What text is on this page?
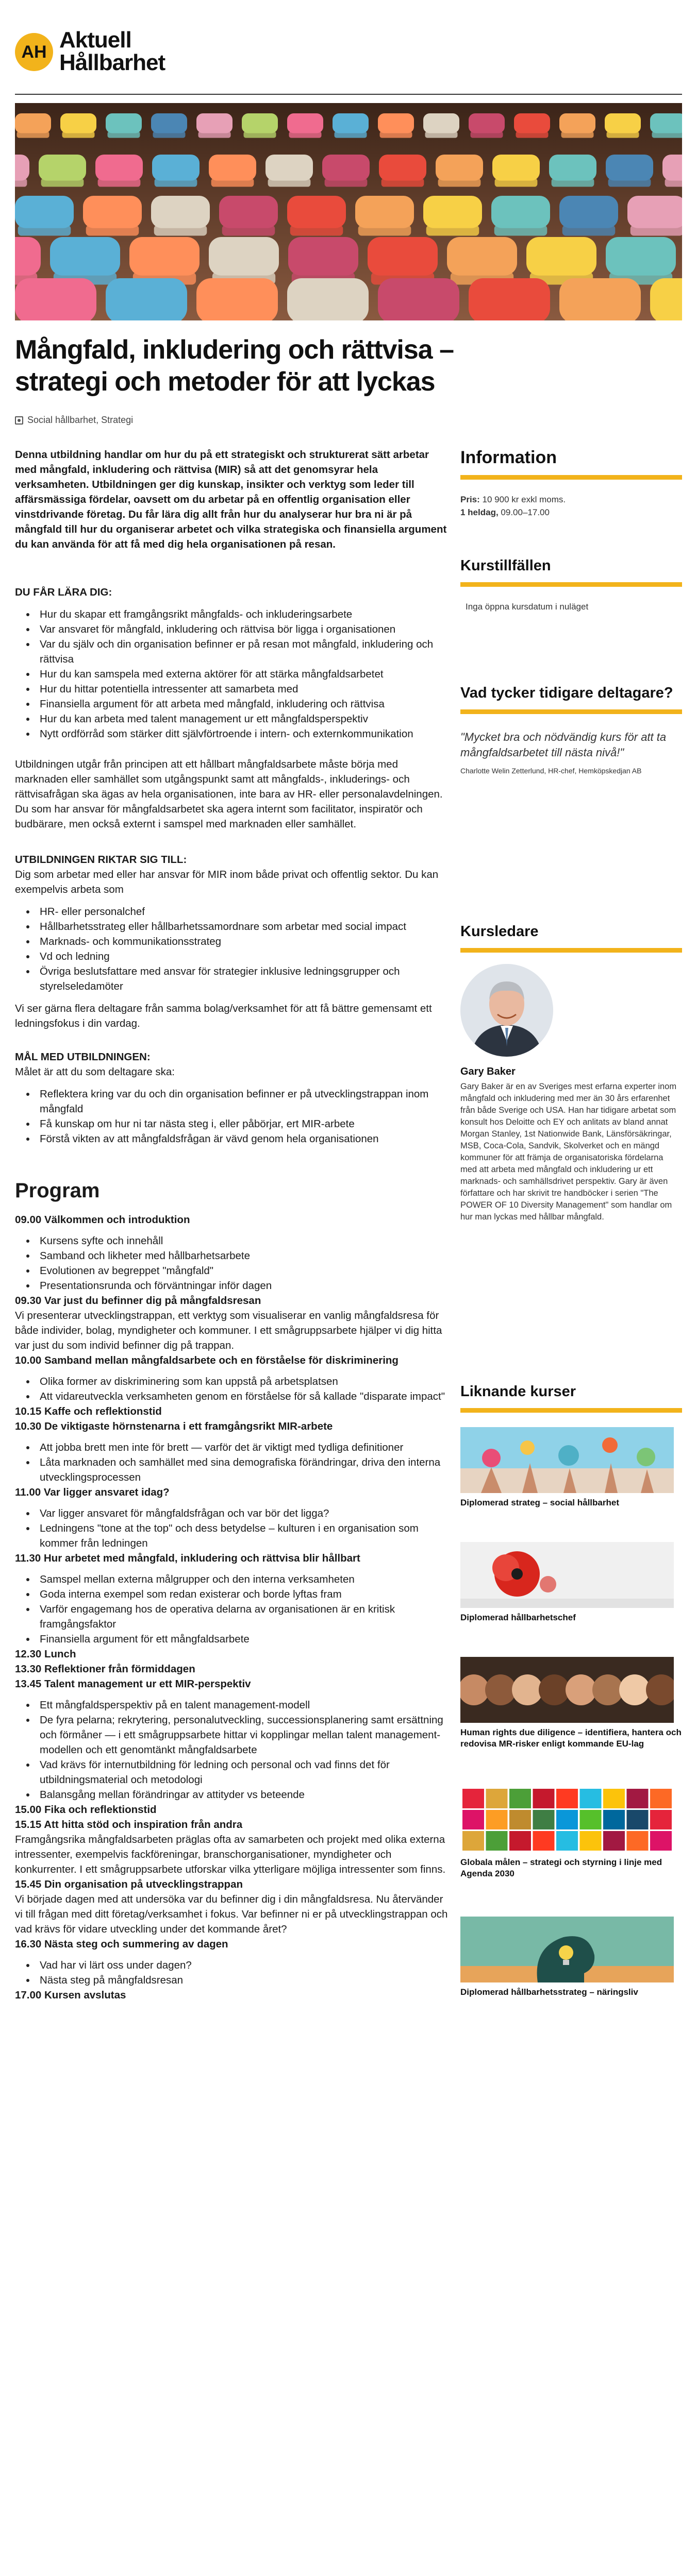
AH Aktuell
Hållbarhet
Mångfald, inkludering och rättvisa – strategi och metoder för att lyckas
Social hållbarhet, Strategi

Denna utbildning handlar om hur du på ett strategiskt och strukturerat sätt arbetar med mångfald, inkludering och rättvisa (MIR) så att det genomsyrar hela verksamheten. Utbildningen ger dig kunskap, insikter och verktyg som leder till affärsmässiga fördelar, oavsett om du arbetar på en offentlig organisation eller vinstdrivande företag. Du får lära dig allt från hur du analyserar hur bra ni är på mångfald till hur du organiserar arbetet och vilka strategiska och finansiella argument du kan använda för att få med dig hela organisationen på resan.

DU FÅR LÄRA DIG:

Hur du skapar ett framgångsrikt mångfalds- och inkluderingsarbete
Var ansvaret för mångfald, inkludering och rättvisa bör ligga i organisationen
Var du själv och din organisation befinner er på resan mot mångfald, inkludering och rättvisa
Hur du kan samspela med externa aktörer för att stärka mångfaldsarbetet
Hur du hittar potentiella intressenter att samarbeta med
Finansiella argument för att arbeta med mångfald, inkludering och rättvisa
Hur du kan arbeta med talent management ur ett mångfaldsperspektiv
Nytt ordförråd som stärker ditt självförtroende i intern- och externkommunikation

Utbildningen utgår från principen att ett hållbart mångfaldsarbete måste börja med marknaden eller samhället som utgångspunkt samt att mångfalds-, inkluderings- och rättvisafrågan ska ägas av hela organisationen, inte bara av HR- eller personalavdelningen. Du som har ansvar för mångfaldsarbetet ska agera internt som facilitator, inspiratör och budbärare, men också externt i samspel med marknaden eller samhället.

UTBILDNINGEN RIKTAR SIG TILL:

Dig som arbetar med eller har ansvar för MIR inom både privat och offentlig sektor. Du kan exempelvis arbeta som

HR- eller personalchef
Hållbarhetsstrateg eller hållbarhetssamordnare som arbetar med social impact
Marknads- och kommunikationsstrateg
Vd och ledning
Övriga beslutsfattare med ansvar för strategier inklusive ledningsgrupper och styrelseledamöter

Vi ser gärna flera deltagare från samma bolag/verksamhet för att få bättre gemensamt ett ledningsfokus i din vardag.

MÅL MED UTBILDNINGEN:

Målet är att du som deltagare ska:

Reflektera kring var du och din organisation befinner er på utvecklingstrappan inom mångfald
Få kunskap om hur ni tar nästa steg i, eller påbörjar, ert MIR-arbete
Förstå vikten av att mångfaldsfrågan är vävd genom hela organisationen
Program

09.00 Välkommen och introduktion

Kursens syfte och innehåll
Samband och likheter med hållbarhetsarbete
Evolutionen av begreppet "mångfald"
Presentationsrunda och förväntningar inför dagen

09.30 Var just du befinner dig på mångfaldsresan

Vi presenterar utvecklingstrappan, ett verktyg som visualiserar en vanlig mångfaldsresa för både individer, bolag, myndigheter och kommuner. I ett smågruppsarbete hjälper vi dig hitta var just du som individ befinner dig på trappan.

10.00 Samband mellan mångfaldsarbete och en förståelse för diskriminering

Olika former av diskriminering som kan uppstå på arbetsplatsen
Att vidareutveckla verksamheten genom en förståelse för så kallade "disparate impact"

10.15 Kaffe och reflektionstid

10.30 De viktigaste hörnstenarna i ett framgångsrikt MIR-arbete

Att jobba brett men inte för brett — varför det är viktigt med tydliga definitioner
Låta marknaden och samhället med sina demografiska förändringar, driva den interna utvecklingsprocessen

11.00 Var ligger ansvaret idag?

Var ligger ansvaret för mångfaldsfrågan och var bör det ligga?
Ledningens "tone at the top" och dess betydelse – kulturen i en organisation som kommer från ledningen

11.30 Hur arbetet med mångfald, inkludering och rättvisa blir hållbart

Samspel mellan externa målgrupper och den interna verksamheten
Goda interna exempel som redan existerar och borde lyftas fram
Varför engagemang hos de operativa delarna av organisationen är en kritisk framgångsfaktor
Finansiella argument för ett mångfaldsarbete

12.30 Lunch

13.30 Reflektioner från förmiddagen

13.45 Talent management ur ett MIR-perspektiv

Ett mångfaldsperspektiv på en talent management-modell
De fyra pelarna; rekrytering, personalutveckling, successionsplanering samt ersättning och förmåner — i ett smågruppsarbete hittar vi kopplingar mellan talent management-modellen och ett genomtänkt mångfaldsarbete
Vad krävs för internutbildning för ledning och personal och vad finns det för utbildningsmaterial och metodologi
Balansgång mellan förändringar av attityder vs beteende

15.00 Fika och reflektionstid

15.15 Att hitta stöd och inspiration från andra

Framgångsrika mångfaldsarbeten präglas ofta av samarbeten och projekt med olika externa intressenter, exempelvis fackföreningar, branschorganisationer, myndigheter och konkurrenter. I ett smågruppsarbete utforskar vilka ytterligare möjliga intressenter som finns.

15.45 Din organisation på utvecklingstrappan

Vi började dagen med att undersöka var du befinner dig i din mångfaldsresa. Nu återvänder vi till frågan med ditt företag/verksamhet i fokus. Var befinner ni er på utvecklingstrappan och vad krävs för vidare utveckling under det kommande året?

16.30 Nästa steg och summering av dagen

Vad har vi lärt oss under dagen?
Nästa steg på mångfaldsresan

17.00 Kursen avslutas

Information
Pris: 10 900 kr exkl moms.
1 heldag, 09.00–17.00
Kurstillfällen
Inga öppna kursdatum i nuläget
Vad tycker tidigare deltagare?
"Mycket bra och nödvändig kurs för att ta mångfaldsarbetet till nästa nivå!"
Charlotte Welin Zetterlund, HR-chef, Hemköpskedjan AB
Kursledare
Gary Baker
Gary Baker är en av Sveriges mest erfarna experter inom mångfald och inkludering med mer än 30 års erfarenhet från både Sverige och USA. Han har tidigare arbetat som konsult hos Deloitte och EY och anlitats av bland annat Morgan Stanley, 1st Nationwide Bank, Länsförsäkringar, MSB, Coca-Cola, Sandvik, Skolverket och en mängd kommuner för att främja de organisatoriska fördelarna med att arbeta med mångfald och inkludering ur ett marknads- och samhällsdrivet perspektiv. Gary är även författare och har skrivit tre handböcker i serien "The POWER OF 10 Diversity Management" som handlar om hur man lyckas med hållbar mångfald.
Liknande kurser
Diplomerad strateg – social hållbarhet
Diplomerad hållbarhetschef
Human rights due diligence – identifiera, hantera och redovisa MR-risker enligt kommande EU-lag
Globala målen – strategi och styrning i linje med Agenda 2030
Diplomerad hållbarhetsstrateg – näringsliv
